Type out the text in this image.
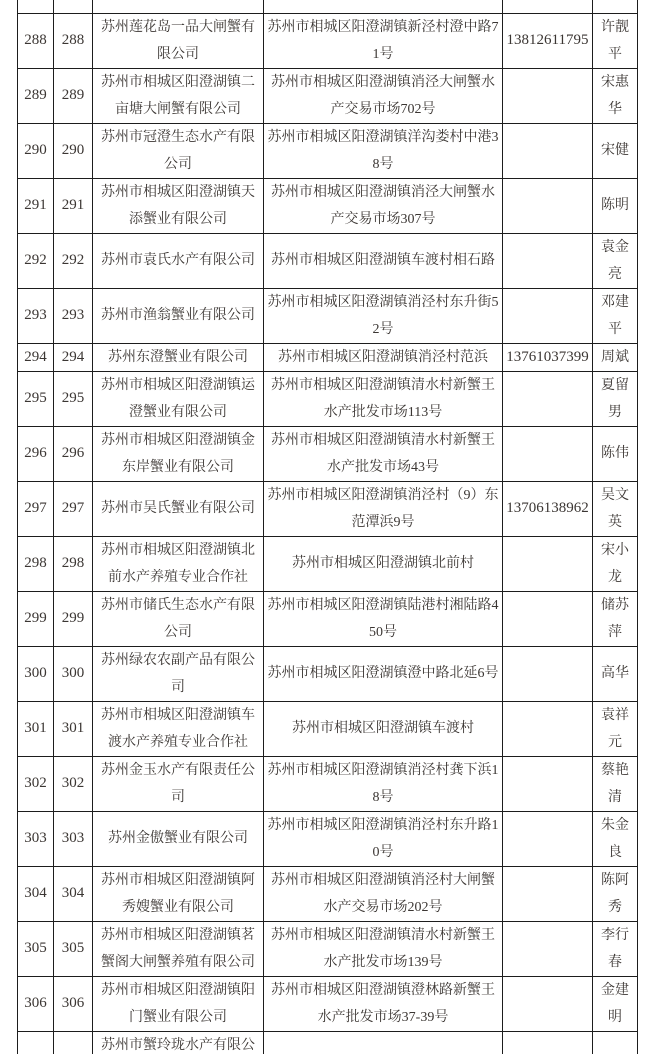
288	288	苏州莲花岛一品大闸蟹有限公司	苏州市相城区阳澄湖镇新泾村澄中路71号	13812611795	许靓平
289	289	苏州市相城区阳澄湖镇二亩塘大闸蟹有限公司	苏州市相城区阳澄湖镇消泾大闸蟹水产交易市场702号		宋惠华
290	290	苏州市冠澄生态水产有限公司	苏州市相城区阳澄湖镇洋沟娄村中港38号		宋健
291	291	苏州市相城区阳澄湖镇天添蟹业有限公司	苏州市相城区阳澄湖镇消泾大闸蟹水产交易市场307号		陈明
292	292	苏州市袁氏水产有限公司	苏州市相城区阳澄湖镇车渡村相石路		袁金亮
293	293	苏州市渔翁蟹业有限公司	苏州市相城区阳澄湖镇消泾村东升街52号		邓建平
294	294	苏州东澄蟹业有限公司	苏州市相城区阳澄湖镇消泾村范浜	13761037399	周斌
295	295	苏州市相城区阳澄湖镇运澄蟹业有限公司	苏州市相城区阳澄湖镇清水村新蟹王水产批发市场113号		夏留男
296	296	苏州市相城区阳澄湖镇金东岸蟹业有限公司	苏州市相城区阳澄湖镇清水村新蟹王水产批发市场43号		陈伟
297	297	苏州市吴氏蟹业有限公司	苏州市相城区阳澄湖镇消泾村（9）东范潭浜9号	13706138962	吴文英
298	298	苏州市相城区阳澄湖镇北前水产养殖专业合作社	苏州市相城区阳澄湖镇北前村		宋小龙
299	299	苏州市储氏生态水产有限公司	苏州市相城区阳澄湖镇陆港村湘陆路450号		储苏萍
300	300	苏州绿农农副产品有限公司	苏州市相城区阳澄湖镇澄中路北延6号		高华
301	301	苏州市相城区阳澄湖镇车渡水产养殖专业合作社	苏州市相城区阳澄湖镇车渡村		袁祥元
302	302	苏州金玉水产有限责任公司	苏州市相城区阳澄湖镇消泾村龚下浜18号		蔡艳清
303	303	苏州金傲蟹业有限公司	苏州市相城区阳澄湖镇消泾村东升路10号		朱金良
304	304	苏州市相城区阳澄湖镇阿秀嫂蟹业有限公司	苏州市相城区阳澄湖镇消泾村大闸蟹水产交易市场202号		陈阿秀
305	305	苏州市相城区阳澄湖镇茗蟹阁大闸蟹养殖有限公司	苏州市相城区阳澄湖镇清水村新蟹王水产批发市场139号		李行春
306	306	苏州市相城区阳澄湖镇阳门蟹业有限公司	苏州市相城区阳澄湖镇澄林路新蟹王水产批发市场37-39号		金建明
		苏州市蟹玲珑水产有限公			
